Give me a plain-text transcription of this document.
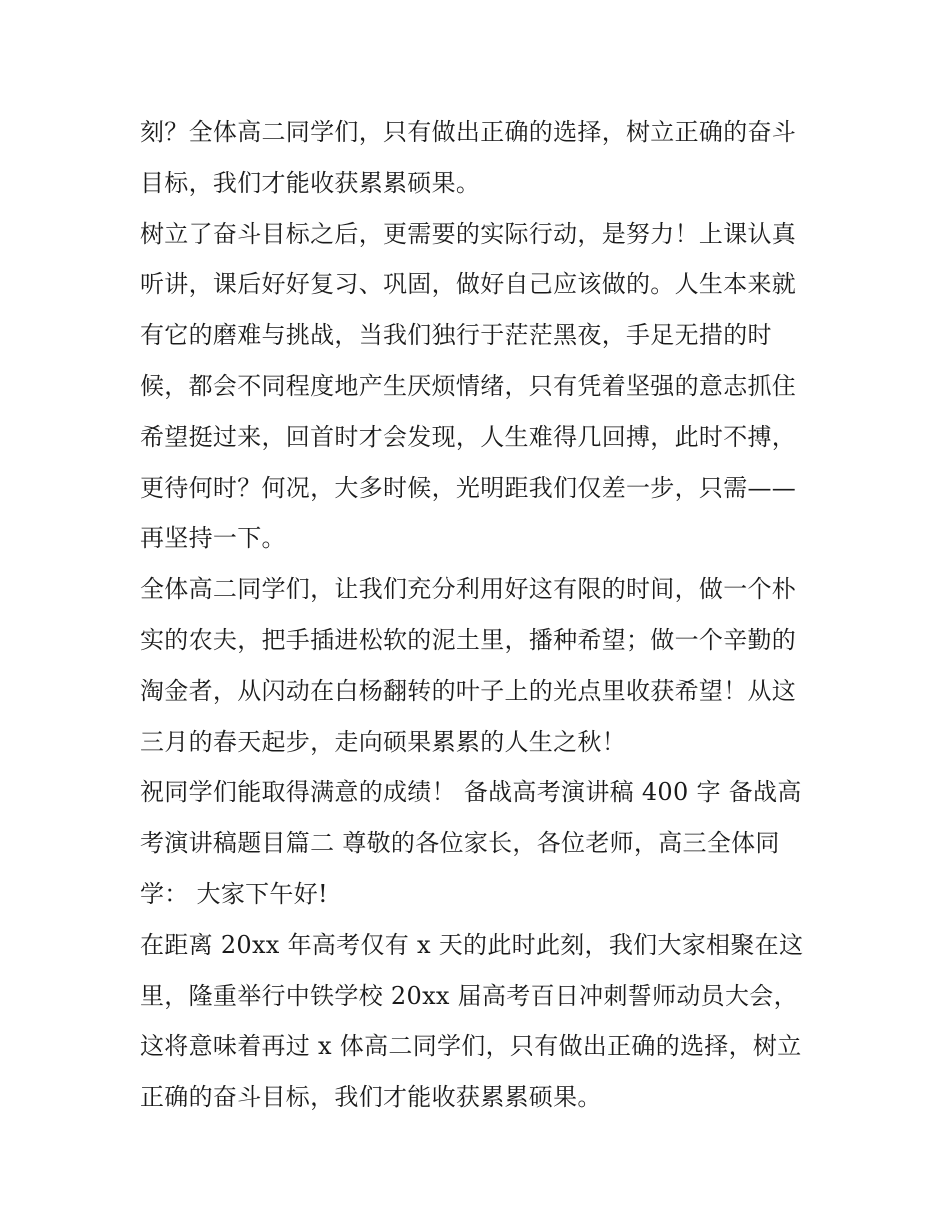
刻？全体高二同学们，只有做出正确的选择，树立正确的奋斗
目标，我们才能收获累累硕果。
树立了奋斗目标之后，更需要的实际行动，是努力！上课认真
听讲，课后好好复习、巩固，做好自己应该做的。人生本来就
有它的磨难与挑战，当我们独行于茫茫黑夜，手足无措的时
候，都会不同程度地产生厌烦情绪，只有凭着坚强的意志抓住
希望挺过来，回首时才会发现，人生难得几回搏，此时不搏，
更待何时？何况，大多时候，光明距我们仅差一步，只需——
再坚持一下。
全体高二同学们，让我们充分利用好这有限的时间，做一个朴
实的农夫，把手插进松软的泥土里，播种希望；做一个辛勤的
淘金者，从闪动在白杨翻转的叶子上的光点里收获希望！从这
三月的春天起步，走向硕果累累的人生之秋！
祝同学们能取得满意的成绩！ 备战高考演讲稿 400 字 备战高
考演讲稿题目篇二 尊敬的各位家长，各位老师，高三全体同
学： 大家下午好!
在距离 20xx 年高考仅有 x 天的此时此刻，我们大家相聚在这
里，隆重举行中铁学校 20xx 届高考百日冲刺誓师动员大会，
这将意味着再过 x 体高二同学们，只有做出正确的选择，树立
正确的奋斗目标，我们才能收获累累硕果。
